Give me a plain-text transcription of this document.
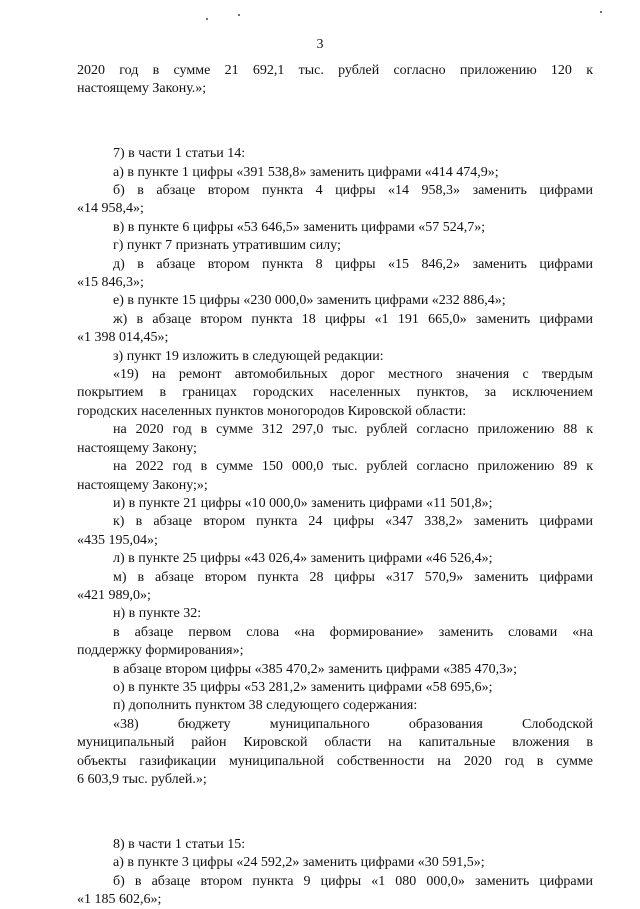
3

2020 год в сумме 21 692,1 тыс. рублей согласно приложению 120 к

настоящему Закону.»;

7) в части 1 статьи 14:

а) в пункте 1 цифры «391 538,8» заменить цифрами «414 474,9»;

б) в абзаце втором пункта 4 цифры «14 958,3» заменить цифрами

«14 958,4»;

в) в пункте 6 цифры «53 646,5» заменить цифрами «57 524,7»;

г) пункт 7 признать утратившим силу;

д) в абзаце втором пункта 8 цифры «15 846,2» заменить цифрами

«15 846,3»;

е) в пункте 15 цифры «230 000,0» заменить цифрами «232 886,4»;

ж) в абзаце втором пункта 18 цифры «1 191 665,0» заменить цифрами

«1 398 014,45»;

з) пункт 19 изложить в следующей редакции:

«19) на ремонт автомобильных дорог местного значения с твердым

покрытием в границах городских населенных пунктов, за исключением

городских населенных пунктов моногородов Кировской области:

на 2020 год в сумме 312 297,0 тыс. рублей согласно приложению 88 к

настоящему Закону;

на 2022 год в сумме 150 000,0 тыс. рублей согласно приложению 89 к

настоящему Закону;»;

и) в пункте 21 цифры «10 000,0» заменить цифрами «11 501,8»;

к) в абзаце втором пункта 24 цифры «347 338,2» заменить цифрами

«435 195,04»;

л) в пункте 25 цифры «43 026,4» заменить цифрами «46 526,4»;

м) в абзаце втором пункта 28 цифры «317 570,9» заменить цифрами

«421 989,0»;

н) в пункте 32:

в абзаце первом слова «на формирование» заменить словами «на

поддержку формирования»;

в абзаце втором цифры «385 470,2» заменить цифрами «385 470,3»;

о) в пункте 35 цифры «53 281,2» заменить цифрами «58 695,6»;

п) дополнить пунктом 38 следующего содержания:

«38) бюджету муниципального образования Слободской

муниципальный район Кировской области на капитальные вложения в

объекты газификации муниципальной собственности на 2020 год в сумме

6 603,9 тыс. рублей.»;

8) в части 1 статьи 15:

а) в пункте 3 цифры «24 592,2» заменить цифрами «30 591,5»;

б) в абзаце втором пункта 9 цифры «1 080 000,0» заменить цифрами

«1 185 602,6»;
